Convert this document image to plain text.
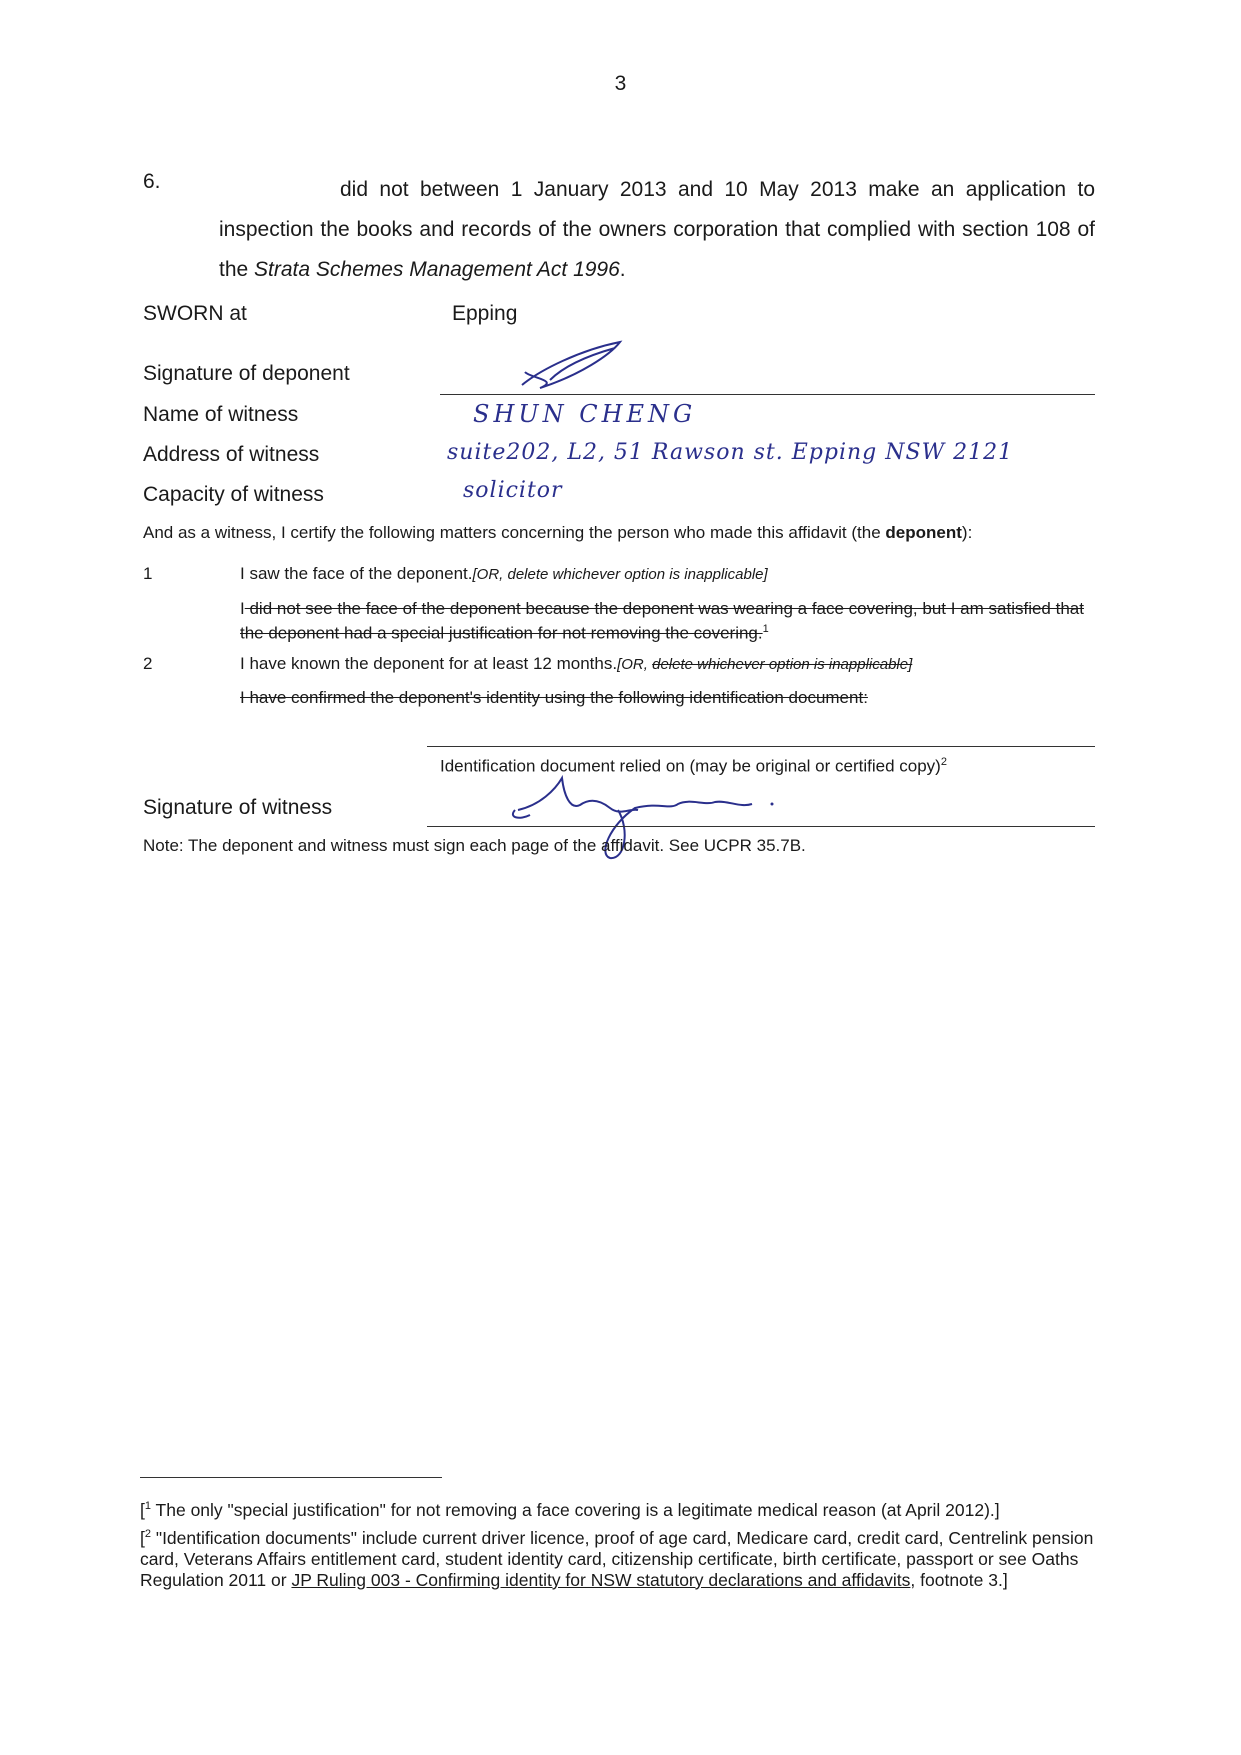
3
6.	did not between 1 January 2013 and 10 May 2013 make an application to inspection the books and records of the owners corporation that complied with section 108 of the Strata Schemes Management Act 1996.
SWORN at	Epping
Signature of deponent
Name of witness	SHUN CHENG
Address of witness	suite202, L2, 51 Rawson st. Epping NSW 2121
Capacity of witness	solicitor
And as a witness, I certify the following matters concerning the person who made this affidavit (the deponent):
1	I saw the face of the deponent.[OR, delete whichever option is inapplicable]
I did not see the face of the deponent because the deponent was wearing a face covering, but I am satisfied that the deponent had a special justification for not removing the covering.$^1$
2	I have known the deponent for at least 12 months.[OR, delete whichever option is inapplicable]
I have confirmed the deponent's identity using the following identification document:
Identification document relied on (may be original or certified copy)$^2$
Signature of witness
Note: The deponent and witness must sign each page of the affidavit. See UCPR 35.7B.
[$^1$ The only "special justification" for not removing a face covering is a legitimate medical reason (at April 2012).]
[$^2$ "Identification documents" include current driver licence, proof of age card, Medicare card, credit card, Centrelink pension card, Veterans Affairs entitlement card, student identity card, citizenship certificate, birth certificate, passport or see Oaths Regulation 2011 or JP Ruling 003 - Confirming identity for NSW statutory declarations and affidavits, footnote 3.]
